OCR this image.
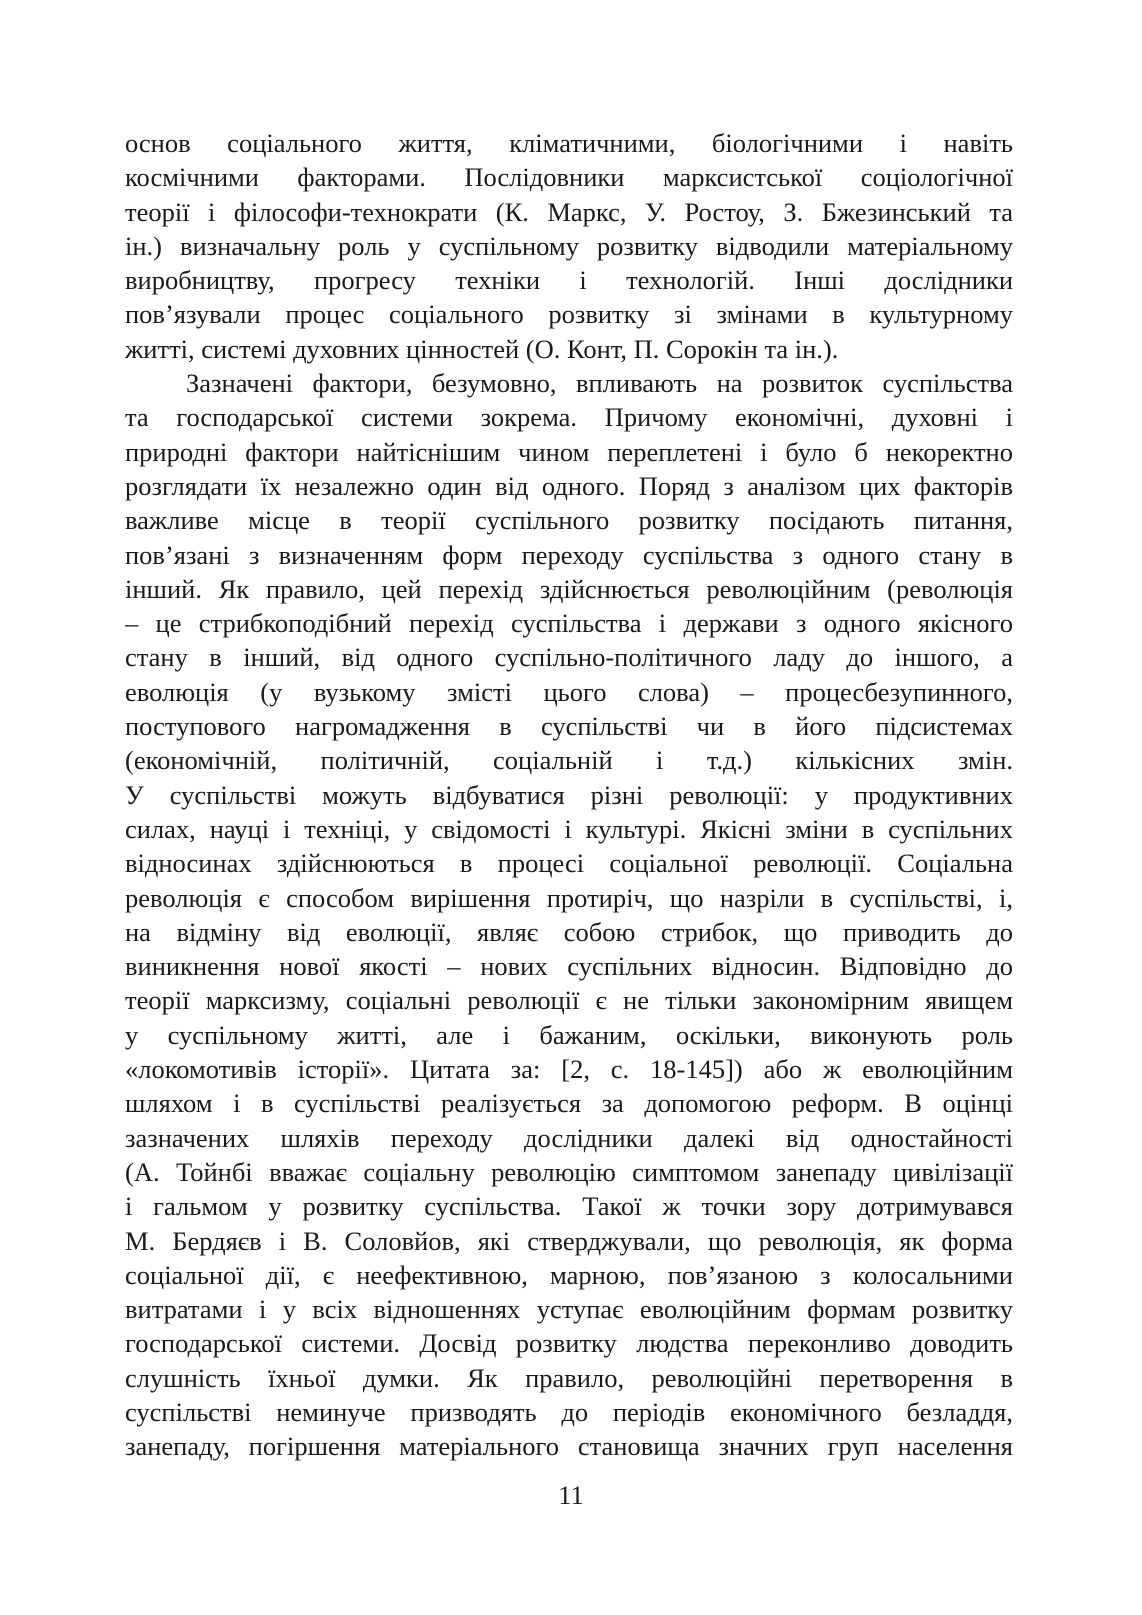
основ соціального життя, кліматичними, біологічними і навіть
космічними факторами. Послідовники марксистської соціологічної
теорії і філософи-технократи (К. Маркс, У. Ростоу, З. Бжезинський та
ін.) визначальну роль у суспільному розвитку відводили матеріальному
виробництву, прогресу техніки і технологій. Інші дослідники
пов’язували процес соціального розвитку зі змінами в культурному
житті, системі духовних цінностей (О. Конт, П. Сорокін та ін.).
Зазначені фактори, безумовно, впливають на розвиток суспільства
та господарської системи зокрема. Причому економічні, духовні і
природні фактори найтіснішим чином переплетені і було б некоректно
розглядати їх незалежно один від одного. Поряд з аналізом цих факторів
важливе місце в теорії суспільного розвитку посідають питання,
пов’язані з визначенням форм переходу суспільства з одного стану в
інший. Як правило, цей перехід здійснюється революційним (революція
– це стрибкоподібний перехід суспільства і держави з одного якісного
стану в інший, від одного суспільно-політичного ладу до іншого, а
еволюція (у вузькому змісті цього слова) – процесбезупинного,
поступового нагромадження в суспільстві чи в його підсистемах
(економічній, політичній, соціальній і т.д.) кількісних змін.
У суспільстві можуть відбуватися різні революції: у продуктивних
силах, науці і техніці, у свідомості і культурі. Якісні зміни в суспільних
відносинах здійснюються в процесі соціальної революції. Соціальна
революція є способом вирішення протиріч, що назріли в суспільстві, і,
на відміну від еволюції, являє собою стрибок, що приводить до
виникнення нової якості – нових суспільних відносин. Відповідно до
теорії марксизму, соціальні революції є не тільки закономірним явищем
у суспільному житті, але і бажаним, оскільки, виконують роль
«локомотивів історії». Цитата за: [2, с. 18-145]) або ж еволюційним
шляхом і в суспільстві реалізується за допомогою реформ. В оцінці
зазначених шляхів переходу дослідники далекі від одностайності
(А. Тойнбі вважає соціальну революцію симптомом занепаду цивілізації
і гальмом у розвитку суспільства. Такої ж точки зору дотримувався
М. Бердяєв і В. Соловйов, які стверджували, що революція, як форма
соціальної дії, є неефективною, марною, пов’язаною з колосальними
витратами і у всіх відношеннях уступає еволюційним формам розвитку
господарської системи. Досвід розвитку людства переконливо доводить
слушність їхньої думки. Як правило, революційні перетворення в
суспільстві неминуче призводять до періодів економічного безладдя,
занепаду, погіршення матеріального становища значних груп населення
11
